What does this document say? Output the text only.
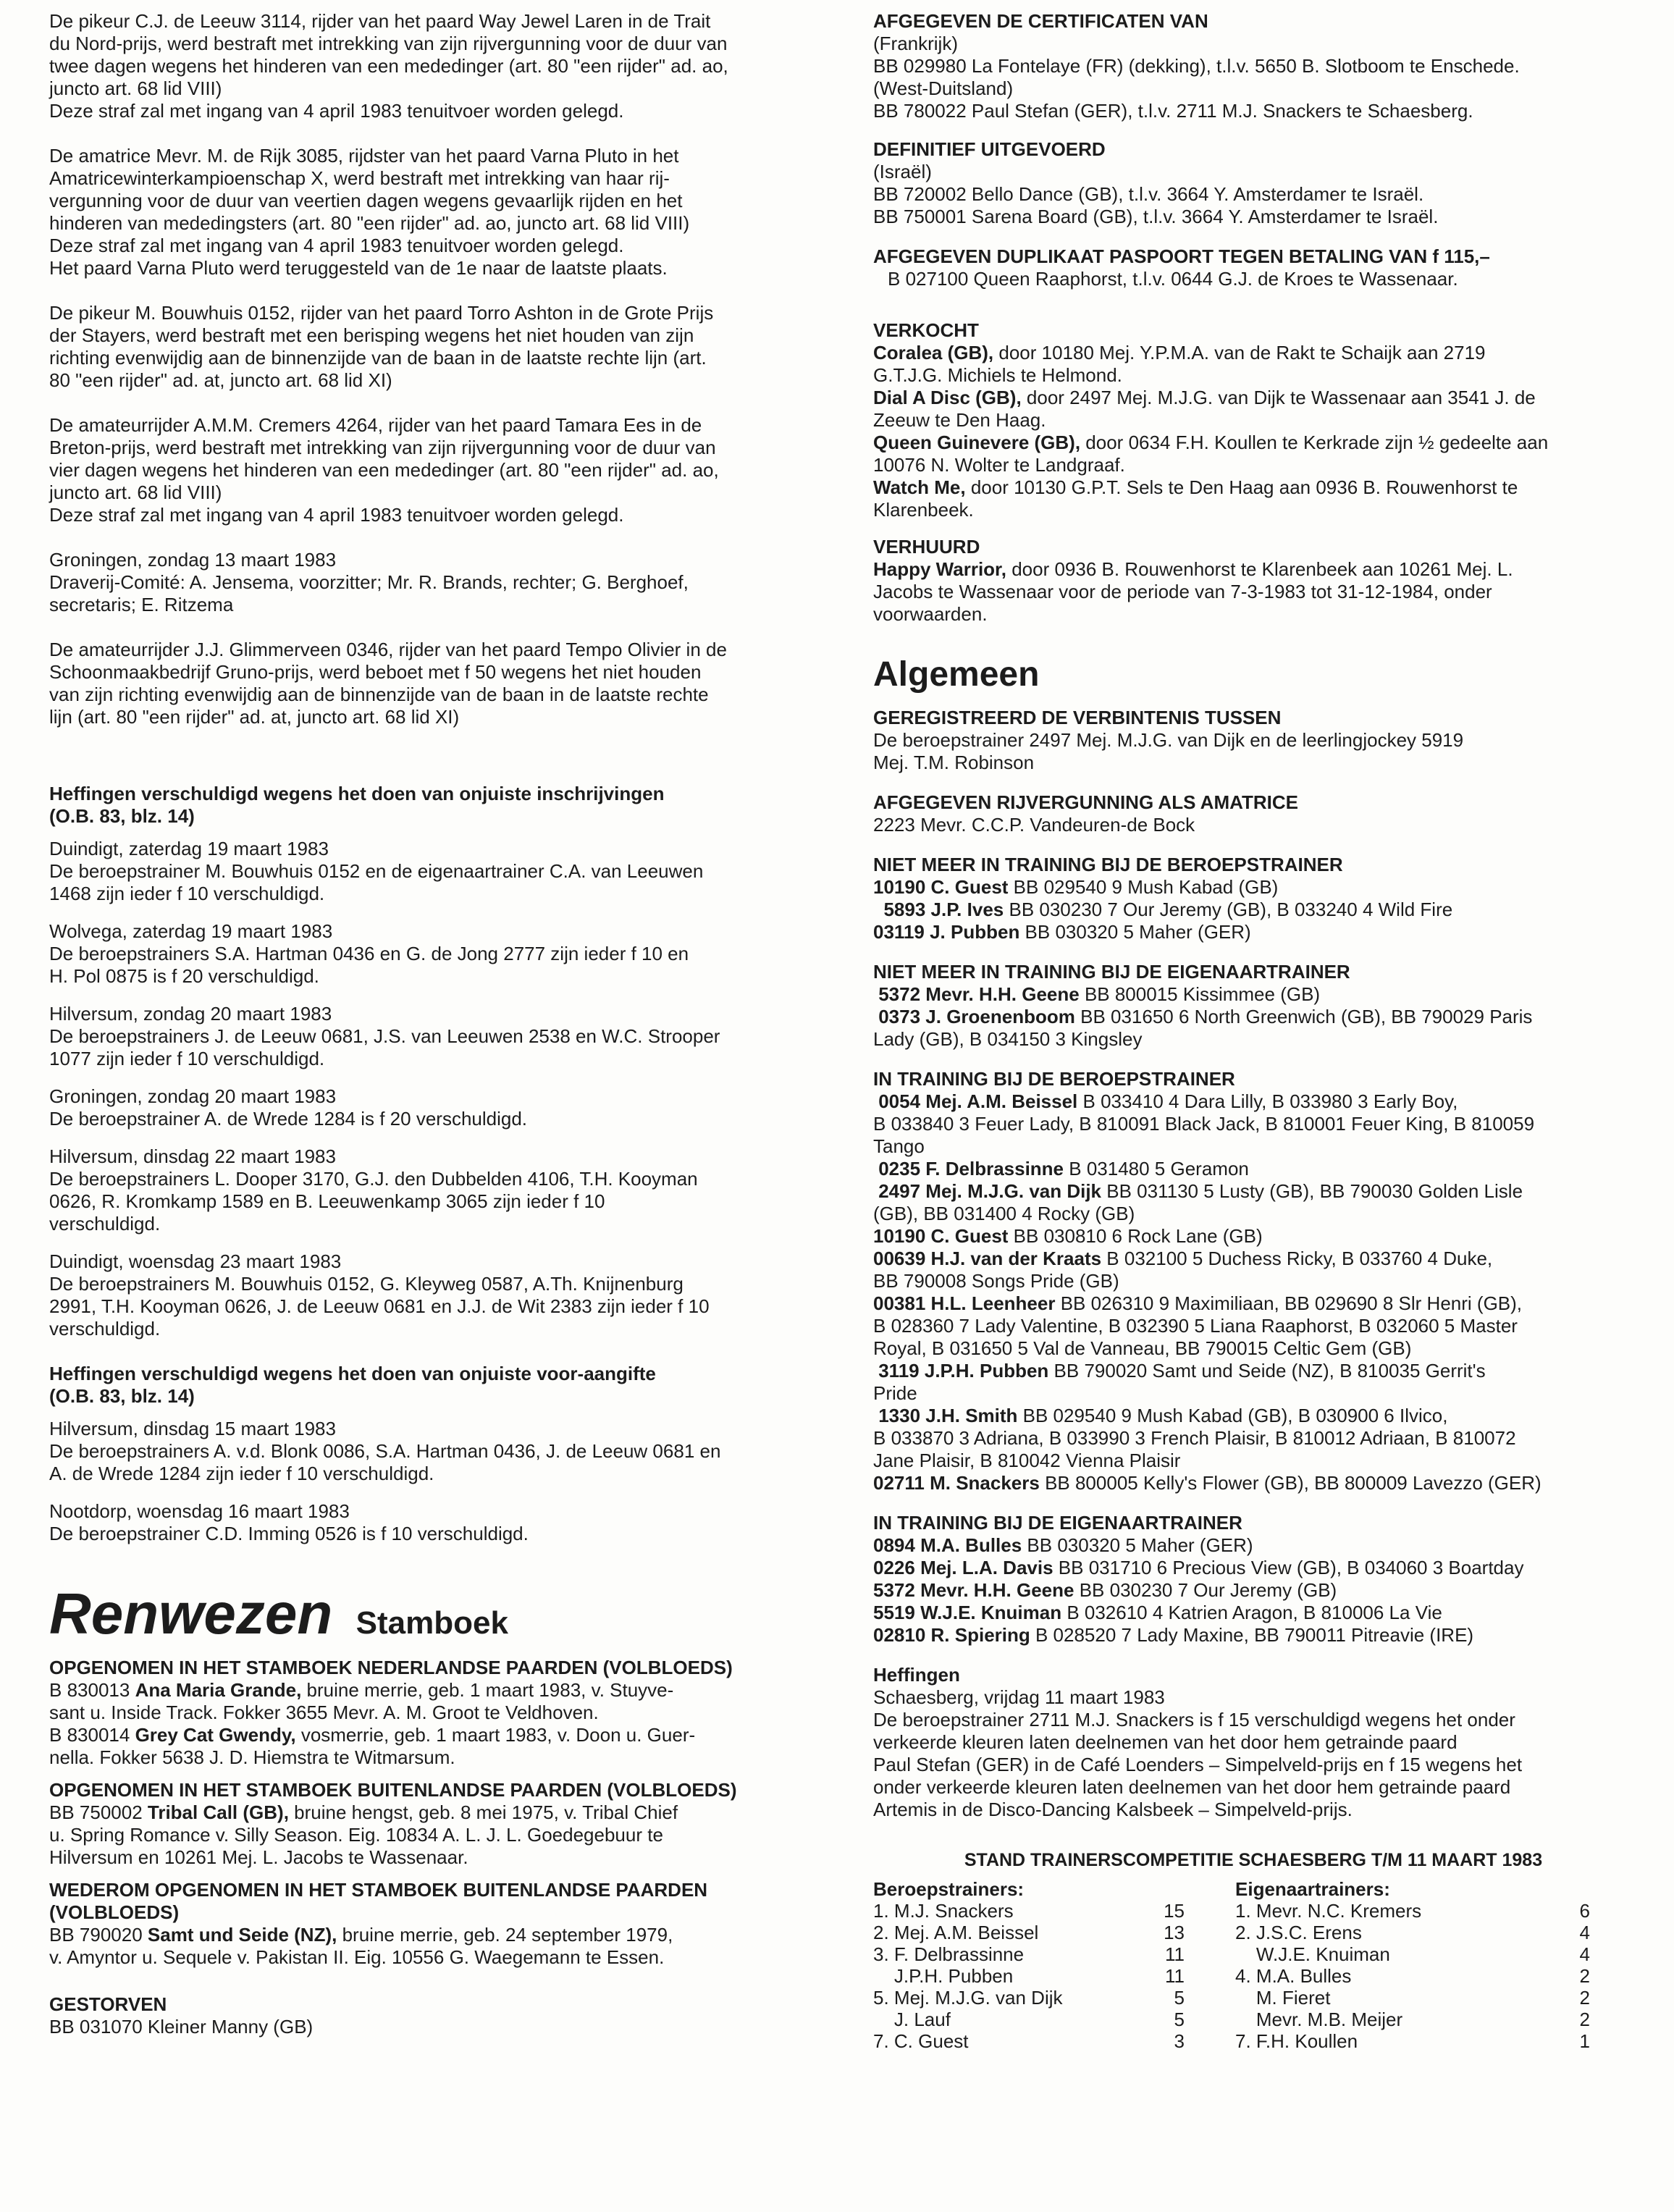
De pikeur C.J. de Leeuw 3114, rijder van het paard Way Jewel Laren in de Trait
du Nord-prijs, werd bestraft met intrekking van zijn rijvergunning voor de duur van
twee dagen wegens het hinderen van een mededinger (art. 80 "een rijder" ad. ao,
juncto art. 68 lid VIII)
Deze straf zal met ingang van 4 april 1983 tenuitvoer worden gelegd.

De amatrice Mevr. M. de Rijk 3085, rijdster van het paard Varna Pluto in het
Amatricewinterkampioenschap X, werd bestraft met intrekking van haar rij-
vergunning voor de duur van veertien dagen wegens gevaarlijk rijden en het
hinderen van mededingsters (art. 80 "een rijder" ad. ao, juncto art. 68 lid VIII)
Deze straf zal met ingang van 4 april 1983 tenuitvoer worden gelegd.
Het paard Varna Pluto werd teruggesteld van de 1e naar de laatste plaats.

De pikeur M. Bouwhuis 0152, rijder van het paard Torro Ashton in de Grote Prijs
der Stayers, werd bestraft met een berisping wegens het niet houden van zijn
richting evenwijdig aan de binnenzijde van de baan in de laatste rechte lijn (art.
80 "een rijder" ad. at, juncto art. 68 lid XI)

De amateurrijder A.M.M. Cremers 4264, rijder van het paard Tamara Ees in de
Breton-prijs, werd bestraft met intrekking van zijn rijvergunning voor de duur van
vier dagen wegens het hinderen van een mededinger (art. 80 "een rijder" ad. ao,
juncto art. 68 lid VIII)
Deze straf zal met ingang van 4 april 1983 tenuitvoer worden gelegd.

Groningen, zondag 13 maart 1983
Draverij-Comité: A. Jensema, voorzitter; Mr. R. Brands, rechter; G. Berghoef,
secretaris; E. Ritzema

De amateurrijder J.J. Glimmerveen 0346, rijder van het paard Tempo Olivier in de
Schoonmaakbedrijf Gruno-prijs, werd beboet met f 50 wegens het niet houden
van zijn richting evenwijdig aan de binnenzijde van de baan in de laatste rechte
lijn (art. 80 "een rijder" ad. at, juncto art. 68 lid XI)

Heffingen verschuldigd wegens het doen van onjuiste inschrijvingen
(O.B. 83, blz. 14)

Duindigt, zaterdag 19 maart 1983
De beroepstrainer M. Bouwhuis 0152 en de eigenaartrainer C.A. van Leeuwen
1468 zijn ieder f 10 verschuldigd.

Wolvega, zaterdag 19 maart 1983
De beroepstrainers S.A. Hartman 0436 en G. de Jong 2777 zijn ieder f 10 en
H. Pol 0875 is f 20 verschuldigd.

Hilversum, zondag 20 maart 1983
De beroepstrainers J. de Leeuw 0681, J.S. van Leeuwen 2538 en W.C. Strooper
1077 zijn ieder f 10 verschuldigd.

Groningen, zondag 20 maart 1983
De beroepstrainer A. de Wrede 1284 is f 20 verschuldigd.

Hilversum, dinsdag 22 maart 1983
De beroepstrainers L. Dooper 3170, G.J. den Dubbelden 4106, T.H. Kooyman
0626, R. Kromkamp 1589 en B. Leeuwenkamp 3065 zijn ieder f 10
verschuldigd.

Duindigt, woensdag 23 maart 1983
De beroepstrainers M. Bouwhuis 0152, G. Kleyweg 0587, A.Th. Knijnenburg
2991, T.H. Kooyman 0626, J. de Leeuw 0681 en J.J. de Wit 2383 zijn ieder f 10
verschuldigd.

Heffingen verschuldigd wegens het doen van onjuiste voor-aangifte
(O.B. 83, blz. 14)

Hilversum, dinsdag 15 maart 1983
De beroepstrainers A. v.d. Blonk 0086, S.A. Hartman 0436, J. de Leeuw 0681 en
A. de Wrede 1284 zijn ieder f 10 verschuldigd.

Nootdorp, woensdag 16 maart 1983
De beroepstrainer C.D. Imming 0526 is f 10 verschuldigd.

Renwezen Stamboek

OPGENOMEN IN HET STAMBOEK NEDERLANDSE PAARDEN (VOLBLOEDS)

B 830013 Ana Maria Grande, bruine merrie, geb. 1 maart 1983, v. Stuyve-
sant u. Inside Track. Fokker 3655 Mevr. A. M. Groot te Veldhoven.
B 830014 Grey Cat Gwendy, vosmerrie, geb. 1 maart 1983, v. Doon u. Guer-
nella. Fokker 5638 J. D. Hiemstra te Witmarsum.

OPGENOMEN IN HET STAMBOEK BUITENLANDSE PAARDEN (VOLBLOEDS)

BB 750002 Tribal Call (GB), bruine hengst, geb. 8 mei 1975, v. Tribal Chief
u. Spring Romance v. Silly Season. Eig. 10834 A. L. J. L. Goedegebuur te
Hilversum en 10261 Mej. L. Jacobs te Wassenaar.

WEDEROM OPGENOMEN IN HET STAMBOEK BUITENLANDSE PAARDEN
(VOLBLOEDS)

BB 790020 Samt und Seide (NZ), bruine merrie, geb. 24 september 1979,
v. Amyntor u. Sequele v. Pakistan II. Eig. 10556 G. Waegemann te Essen.

GESTORVEN

BB 031070 Kleiner Manny (GB)

AFGEGEVEN DE CERTIFICATEN VAN

(Frankrijk)
BB 029980 La Fontelaye (FR) (dekking), t.l.v. 5650 B. Slotboom te Enschede.
(West-Duitsland)
BB 780022 Paul Stefan (GER), t.l.v. 2711 M.J. Snackers te Schaesberg.

DEFINITIEF UITGEVOERD

(Israël)
BB 720002 Bello Dance (GB), t.l.v. 3664 Y. Amsterdamer te Israël.
BB 750001 Sarena Board (GB), t.l.v. 3664 Y. Amsterdamer te Israël.

AFGEGEVEN DUPLIKAAT PASPOORT TEGEN BETALING VAN f 115,–

B 027100 Queen Raaphorst, t.l.v. 0644 G.J. de Kroes te Wassenaar.

VERKOCHT

Coralea (GB), door 10180 Mej. Y.P.M.A. van de Rakt te Schaijk aan 2719
G.T.J.G. Michiels te Helmond.
Dial A Disc (GB), door 2497 Mej. M.J.G. van Dijk te Wassenaar aan 3541 J. de
Zeeuw te Den Haag.
Queen Guinevere (GB), door 0634 F.H. Koullen te Kerkrade zijn ½ gedeelte aan
10076 N. Wolter te Landgraaf.
Watch Me, door 10130 G.P.T. Sels te Den Haag aan 0936 B. Rouwenhorst te
Klarenbeek.

VERHUURD

Happy Warrior, door 0936 B. Rouwenhorst te Klarenbeek aan 10261 Mej. L.
Jacobs te Wassenaar voor de periode van 7-3-1983 tot 31-12-1984, onder
voorwaarden.

Algemeen

GEREGISTREERD DE VERBINTENIS TUSSEN

De beroepstrainer 2497 Mej. M.J.G. van Dijk en de leerlingjockey 5919
Mej. T.M. Robinson

AFGEGEVEN RIJVERGUNNING ALS AMATRICE

2223 Mevr. C.C.P. Vandeuren-de Bock

NIET MEER IN TRAINING BIJ DE BEROEPSTRAINER

10190 C. Guest BB 029540 9 Mush Kabad (GB)
5893 J.P. Ives BB 030230 7 Our Jeremy (GB), B 033240 4 Wild Fire
03119 J. Pubben BB 030320 5 Maher (GER)

NIET MEER IN TRAINING BIJ DE EIGENAARTRAINER

5372 Mevr. H.H. Geene BB 800015 Kissimmee (GB)
0373 J. Groenenboom BB 031650 6 North Greenwich (GB), BB 790029 Paris
Lady (GB), B 034150 3 Kingsley

IN TRAINING BIJ DE BEROEPSTRAINER

0054 Mej. A.M. Beissel B 033410 4 Dara Lilly, B 033980 3 Early Boy,
B 033840 3 Feuer Lady, B 810091 Black Jack, B 810001 Feuer King, B 810059
Tango
0235 F. Delbrassinne B 031480 5 Geramon
2497 Mej. M.J.G. van Dijk BB 031130 5 Lusty (GB), BB 790030 Golden Lisle
(GB), BB 031400 4 Rocky (GB)
10190 C. Guest BB 030810 6 Rock Lane (GB)
00639 H.J. van der Kraats B 032100 5 Duchess Ricky, B 033760 4 Duke,
BB 790008 Songs Pride (GB)
00381 H.L. Leenheer BB 026310 9 Maximiliaan, BB 029690 8 Slr Henri (GB),
B 028360 7 Lady Valentine, B 032390 5 Liana Raaphorst, B 032060 5 Master
Royal, B 031650 5 Val de Vanneau, BB 790015 Celtic Gem (GB)
3119 J.P.H. Pubben BB 790020 Samt und Seide (NZ), B 810035 Gerrit's
Pride
1330 J.H. Smith BB 029540 9 Mush Kabad (GB), B 030900 6 Ilvico,
B 033870 3 Adriana, B 033990 3 French Plaisir, B 810012 Adriaan, B 810072
Jane Plaisir, B 810042 Vienna Plaisir
02711 M. Snackers BB 800005 Kelly's Flower (GB), BB 800009 Lavezzo (GER)

IN TRAINING BIJ DE EIGENAARTRAINER

0894 M.A. Bulles BB 030320 5 Maher (GER)
0226 Mej. L.A. Davis BB 031710 6 Precious View (GB), B 034060 3 Boartday
5372 Mevr. H.H. Geene BB 030230 7 Our Jeremy (GB)
5519 W.J.E. Knuiman B 032610 4 Katrien Aragon, B 810006 La Vie
02810 R. Spiering B 028520 7 Lady Maxine, BB 790011 Pitreavie (IRE)

Heffingen

Schaesberg, vrijdag 11 maart 1983
De beroepstrainer 2711 M.J. Snackers is f 15 verschuldigd wegens het onder
verkeerde kleuren laten deelnemen van het door hem getrainde paard
Paul Stefan (GER) in de Café Loenders – Simpelveld-prijs en f 15 wegens het
onder verkeerde kleuren laten deelnemen van het door hem getrainde paard
Artemis in de Disco-Dancing Kalsbeek – Simpelveld-prijs.

STAND TRAINERSCOMPETITIE SCHAESBERG T/M 11 MAART 1983
Beroepstrainers:			Eigenaartrainers:	
1. M.J. Snackers	15		1. Mevr. N.C. Kremers	6
2. Mej. A.M. Beissel	13		2. J.S.C. Erens	4
3. F. Delbrassinne	11		W.J.E. Knuiman	4
J.P.H. Pubben	11		4. M.A. Bulles	2
5. Mej. M.J.G. van Dijk	5		M. Fieret	2
J. Lauf	5		Mevr. M.B. Meijer	2
7. C. Guest	3		7. F.H. Koullen	1
